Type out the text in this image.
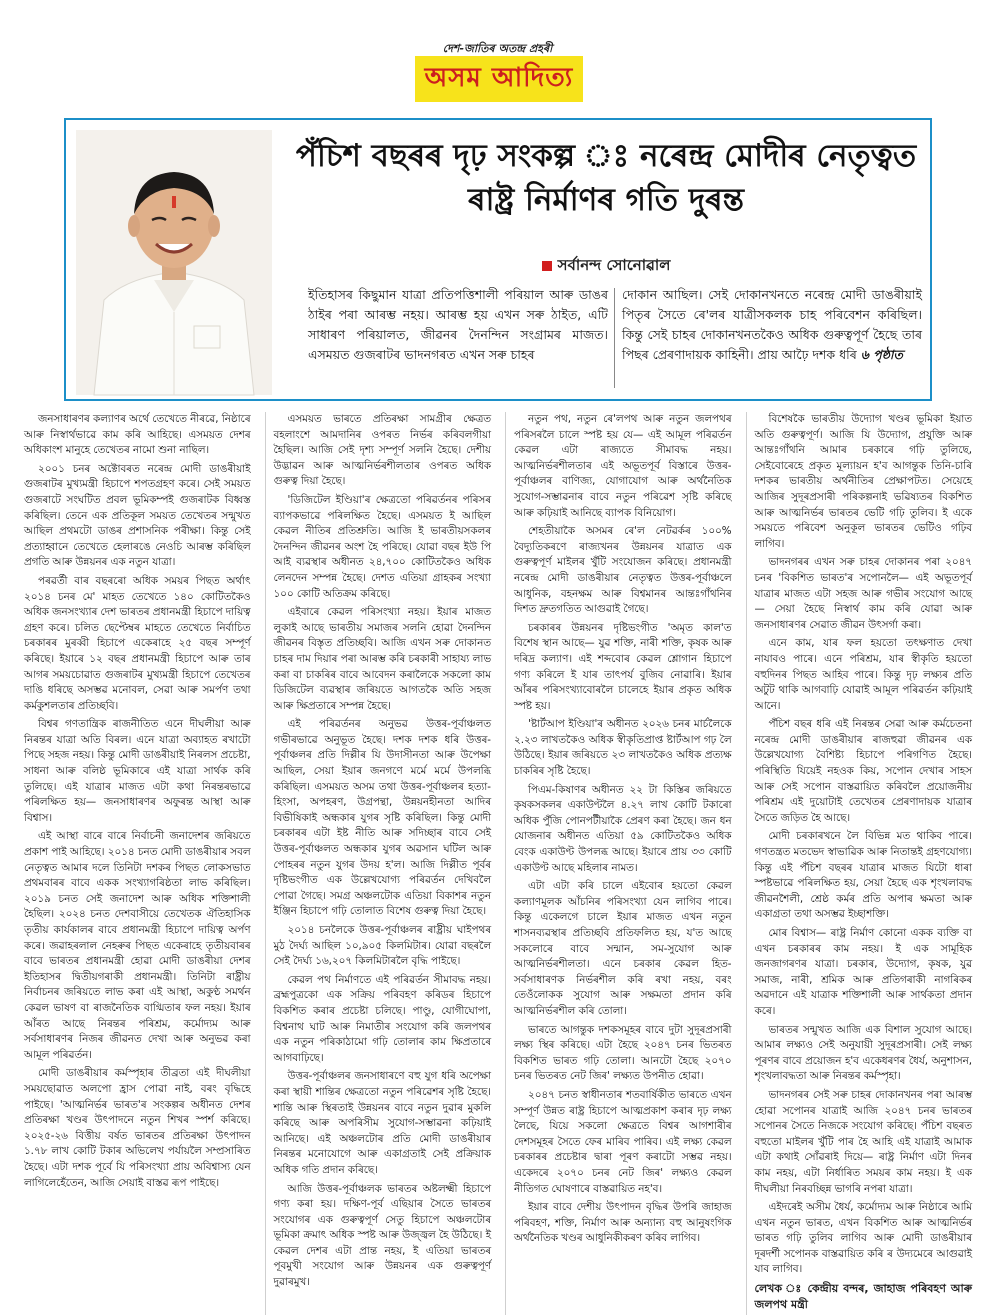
দেশ-জাতিৰ অতন্দ্ৰ প্ৰহৰী
অসম আদিত্য
পঁচিশ বছৰৰ দৃঢ় সংকল্প ঃ নৰেন্দ্ৰ মোদীৰ নেতৃত্বত ৰাষ্ট্ৰ নিৰ্মাণৰ গতি দুৰন্ত
সৰ্বানন্দ সোনোৱাল
ইতিহাসৰ কিছুমান যাত্ৰা প্ৰতিপত্তিশালী পৰিয়াল আৰু ডাঙৰ ঠাইৰ পৰা আৰম্ভ নহয়। আৰম্ভ হয় এখন সৰু ঠাইত, এটি সাধাৰণ পৰিয়ালত, জীৱনৰ দৈনন্দিন সংগ্ৰামৰ মাজত। এসময়ত গুজৰাটৰ ভাদনগৰত এখন সৰু চাহৰ
দোকান আছিল। সেই দোকানখনতে নৰেন্দ্ৰ মোদী ডাঙৰীয়াই পিতৃৰ সৈতে ৰে'লৰ যাত্ৰীসকলক চাহ পৰিবেশন কৰিছিল। কিন্তু সেই চাহৰ দোকানখনতকৈও অধিক গুৰুত্বপূৰ্ণ হৈছে তাৰ পিছৰ প্ৰেৰণাদায়ক কাহিনী। প্ৰায় আঢ়ৈ দশক ধৰি ৬ পৃষ্ঠাত

জনসাধাৰণৰ কল্যাণৰ অৰ্থে তেখেতে নীৰৱে, নিষ্ঠাৰে আৰু নিস্বাৰ্থভাৱে কাম কৰি আহিছে। এসময়ত দেশৰ অধিকাংশ মানুহে তেখেতৰ নামো শুনা নাছিল।

২০০১ চনৰ অক্টোবৰত নৰেন্দ্ৰ মোদী ডাঙৰীয়াই গুজৰাটৰ মুখ্যমন্ত্ৰী হিচাপে শপতগ্ৰহণ কৰে। সেই সময়ত গুজৰাটে সংঘটিত প্ৰবল ভূমিকম্পই গুজৰাটক বিধ্বস্ত কৰিছিল। তেনে এক প্ৰতিকূল সময়ত তেখেতৰ সন্মুখত আছিল প্ৰথমটো ডাঙৰ প্ৰশাসনিক পৰীক্ষা। কিন্তু সেই প্ৰত্যাহ্বানে তেখেতে হেলাৰঙে নেওচি আৰম্ভ কৰিছিল প্ৰগতি আৰু উন্নয়নৰ এক নতুন যাত্ৰা।

পৰৱৰ্তী বাৰ বছৰৰো অধিক সময়ৰ পিছত অৰ্থাৎ ২০১৪ চনৰ মে' মাহত তেখেতে ১৪০ কোটিতকৈও অধিক জনসংখ্যাৰ দেশ ভাৰতৰ প্ৰধানমন্ত্ৰী হিচাপে দায়িত্ব গ্ৰহণ কৰে। চলিত ছেপ্টেম্বৰ মাহতে তেখেতে নিৰ্বাচিত চৰকাৰৰ মুৰব্বী হিচাপে একেৰাহে ২৫ বছৰ সম্পূৰ্ণ কৰিছে। ইয়াৰে ১২ বছৰ প্ৰধানমন্ত্ৰী হিচাপে আৰু তাৰ আগৰ সময়চোৱাত গুজৰাটৰ মুখ্যমন্ত্ৰী হিচাপে তেখেতৰ দাঙি ধৰিছে অসম্ভৱ মনোবল, সেৱা আৰু সমৰ্পণ তথা কৰ্মকুশলতাৰ প্ৰতিচ্ছবি।

বিশ্বৰ গণতান্ত্ৰিক ৰাজনীতিত এনে দীঘলীয়া আৰু নিৰন্তৰ যাত্ৰা অতি বিৰল। এনে যাত্ৰা অব্যাহত ৰখাটো পিছে সহজ নহয়। কিন্তু মোদী ডাঙৰীয়াই নিৰলস প্ৰচেষ্টা, সাধনা আৰু বলিষ্ঠ ভূমিকাৰে এই যাত্ৰা সাৰ্থক কৰি তুলিছে। এই যাত্ৰাৰ মাজত এটা কথা নিৰন্তৰভাৱে পৰিলক্ষিত হয়— জনসাধাৰণৰ অফুৰন্ত আস্থা আৰু বিশ্বাস।

এই আস্থা বাৰে বাৰে নিৰ্বাচনী জনাদেশৰ জৰিয়তে প্ৰকাশ পাই আহিছে। ২০১৪ চনত মোদী ডাঙৰীয়াৰ সবল নেতৃত্বত আমাৰ দলে তিনিটা দশকৰ পিছত লোকসভাত প্ৰথমবাৰৰ বাবে একক সংখ্যাগৰিষ্ঠতা লাভ কৰিছিল। ২০১৯ চনত সেই জনাদেশ আৰু অধিক শক্তিশালী হৈছিল। ২০২৪ চনত দেশবাসীয়ে তেখেতক ঐতিহাসিক তৃতীয় কাৰ্যকালৰ বাবে প্ৰধানমন্ত্ৰী হিচাপে দায়িত্ব অৰ্পণ কৰে। জৱাহৰলাল নেহৰুৰ পিছত একেৰাহে তৃতীয়বাৰৰ বাবে ভাৰতৰ প্ৰধানমন্ত্ৰী হোৱা মোদী ডাঙৰীয়া দেশৰ ইতিহাসৰ দ্বিতীয়গৰাকী প্ৰধানমন্ত্ৰী। তিনিটা ৰাষ্ট্ৰীয় নিৰ্বাচনৰ জৰিয়তে লাভ কৰা এই আস্থা, অকুণ্ঠ সমৰ্থন কেৱল ভাষণ বা ৰাজনৈতিক বাগ্মিতাৰ ফল নহয়। ইয়াৰ আঁৰত আছে নিৰন্তৰ পৰিশ্ৰম, কৰ্মোদ্যম আৰু সৰ্বসাধাৰণৰ নিজৰ জীৱনত দেখা আৰু অনুভৱ কৰা আমূল পৰিৱৰ্তন।

মোদী ডাঙৰীয়াৰ কৰ্মস্পৃহাৰ তীব্ৰতা এই দীঘলীয়া সময়ছোৱাত অলপো হ্ৰাস পোৱা নাই, বৰং বৃদ্ধিহে পাইছে। 'আত্মনিৰ্ভৰ ভাৰত'ৰ সংকল্পৰ অধীনত দেশৰ প্ৰতিৰক্ষা খণ্ডৰ উৎপাদনে নতুন শিখৰ স্পৰ্শ কৰিছে। ২০২৫-২৬ বিত্তীয় বৰ্ষত ভাৰতৰ প্ৰতিৰক্ষা উৎপাদন ১.৭৮ লাখ কোটি টকাৰ অভিলেখ পৰ্যায়লৈ সম্প্ৰসাৰিত হৈছে। এটা দশক পূৰ্বে যি পৰিসংখ্যা প্ৰায় অবিশ্বাস্য যেন লাগিলেহেঁতেন, আজি সেয়াই বাস্তৱ ৰূপ পাইছে।

এসময়ত ভাৰতে প্ৰতিৰক্ষা সামগ্ৰীৰ ক্ষেত্ৰত বহলাংশে আমদানিৰ ওপৰত নিৰ্ভৰ কৰিবলগীয়া হৈছিল। আজি সেই দৃশ্য সম্পূৰ্ণ সলনি হৈছে। দেশীয় উদ্ভাৱন আৰু আত্মনিৰ্ভৰশীলতাৰ ওপৰত অধিক গুৰুত্ব দিয়া হৈছে।

'ডিজিটেল ইণ্ডিয়া'ৰ ক্ষেত্ৰতো পৰিৱৰ্তনৰ পৰিসৰ ব্যাপকভাৱে পৰিলক্ষিত হৈছে। এসময়ত ই আছিল কেৱল নীতিৰ প্ৰতিশ্ৰুতি। আজি ই ভাৰতীয়সকলৰ দৈনন্দিন জীৱনৰ অংশ হৈ পৰিছে। যোৱা বছৰ ইউ পি আই ব্যৱস্থাৰ অধীনত ২৪,৭০০ কোটিতকৈও অধিক লেনদেন সম্পন্ন হৈছে। দেশত এতিয়া গ্ৰাহকৰ সংখ্যা ১০০ কোটি অতিক্ৰম কৰিছে।

এইবাৰে কেৱল পৰিসংখ্যা নহয়। ইয়াৰ মাজত লুকাই আছে ভাৰতীয় সমাজৰ সলনি হোৱা দৈনন্দিন জীৱনৰ বিস্তৃত প্ৰতিচ্ছবি। আজি এখন সৰু দোকানত চাহৰ দাম দিয়াৰ পৰা আৰম্ভ কৰি চৰকাৰী সাহায্য লাভ কৰা বা চাকৰিৰ বাবে আবেদন কৰালৈকে সকলো কাম ডিজিটেল ব্যৱস্থাৰ জৰিয়তে আগতকৈ অতি সহজ আৰু ক্ষিপ্ৰতাৰে সম্পন্ন হৈছে।

এই পৰিৱৰ্তনৰ অনুভৱ উত্তৰ-পূৰ্বাঞ্চলত গভীৰভাৱে অনুভূত হৈছে। দশক দশক ধৰি উত্তৰ-পূৰ্বাঞ্চলৰ প্ৰতি দিল্লীৰ যি উদাসীনতা আৰু উপেক্ষা আছিল, সেয়া ইয়াৰ জনগণে মৰ্মে মৰ্মে উপলব্ধি কৰিছিল। এসময়ত অসম তথা উত্তৰ-পূৰ্বাঞ্চলৰ হত্যা-হিংসা, অপহৰণ, উগ্ৰপন্থা, উন্নয়নহীনতা আদিৰ বিভীষিকাই অন্ধকাৰ যুগৰ সৃষ্টি কৰিছিল। কিন্তু মোদী চৰকাৰৰ এটা ইষ্ট নীতি আৰু সদিচ্ছাৰ বাবে সেই উত্তৰ-পূৰ্বাঞ্চলত অন্ধকাৰ যুগৰ অৱসান ঘটিল আৰু পোহৰৰ নতুন যুগৰ উদয় হ'ল। আজি দিল্লীত পূৰ্বৰ দৃষ্টিভংগীত এক উল্লেখযোগ্য পৰিৱৰ্তন দেখিবলৈ পোৱা গৈছে। সমগ্ৰ অঞ্চলটোক এতিয়া বিকাশৰ নতুন ইঞ্জিন হিচাপে গঢ়ি তোলাত বিশেষ গুৰুত্ব দিয়া হৈছে।

২০১৪ চনলৈকে উত্তৰ-পূৰ্বাঞ্চলৰ ৰাষ্ট্ৰীয় ঘাইপথৰ মুঠ দৈৰ্ঘ্য আছিল ১০,৯০৫ কিলমিটাৰ। যোৱা বছৰলৈ সেই দৈৰ্ঘ্য ১৬,২০৭ কিলমিটাৰলৈ বৃদ্ধি পাইছে।

কেৱল পথ নিৰ্মাণতে এই পৰিৱৰ্তন সীমাবদ্ধ নহয়। ব্ৰহ্মপুত্ৰকো এক সক্ৰিয় পৰিবহণ কৰিডৰ হিচাপে বিকশিত কৰাৰ প্ৰচেষ্টা চলিছে। পাণ্ডু, যোগীঘোপা, বিশ্বনাথ ঘাট আৰু নিমাতীৰ সংযোগ কৰি জলপথৰ এক নতুন পৰিকাঠামো গঢ়ি তোলাৰ কাম ক্ষিপ্ৰতাৰে আগবাঢ়িছে।

উত্তৰ-পূৰ্বাঞ্চলৰ জনসাধাৰণে বহু যুগ ধৰি অপেক্ষা কৰা স্থায়ী শান্তিৰ ক্ষেত্ৰতো নতুন পৰিৱেশৰ সৃষ্টি হৈছে। শান্তি আৰু স্থিৰতাই উন্নয়নৰ বাবে নতুন দুৱাৰ মুকলি কৰিছে আৰু অপৰিসীম সুযোগ-সম্ভাৱনা কঢ়িয়াই আনিছে। এই অঞ্চলটোৰ প্ৰতি মোদী ডাঙৰীয়াৰ নিৰন্তৰ মনোযোগে আৰু একাগ্ৰতাই সেই প্ৰক্ৰিয়াক অধিক গতি প্ৰদান কৰিছে।

আজি উত্তৰ-পূৰ্বাঞ্চলক ভাৰতৰ অষ্টলক্ষ্মী হিচাপে গণ্য কৰা হয়। দক্ষিণ-পূৰ্ব এছিয়াৰ সৈতে ভাৰতৰ সংযোগৰ এক গুৰুত্বপূৰ্ণ সেতু হিচাপে অঞ্চলটোৰ ভূমিকা ক্ৰমাৎ অধিক স্পষ্ট আৰু উজ্জ্বল হৈ উঠিছে। ই কেৱল দেশৰ এটা প্ৰান্ত নহয়, ই এতিয়া ভাৰতৰ পূবমুখী সংযোগ আৰু উন্নয়নৰ এক গুৰুত্বপূৰ্ণ দুৱাৰমুখ।

নতুন পথ, নতুন ৰে'লপথ আৰু নতুন জলপথৰ পৰিসৰলৈ চালে স্পষ্ট হয় যে— এই আমূল পৰিৱৰ্তন কেৱল এটা ৰাজ্যতে সীমাবদ্ধ নহয়। আত্মনিৰ্ভৰশীলতাৰ এই অভূতপূৰ্ব বিস্তাৰে উত্তৰ-পূৰ্বাঞ্চলৰ বাণিজ্য, যোগাযোগ আৰু অৰ্থনৈতিক সুযোগ-সম্ভাৱনাৰ বাবে নতুন পৰিৱেশ সৃষ্টি কৰিছে আৰু কঢ়িয়াই আনিছে ব্যাপক বিনিয়োগ।

শেহতীয়াকৈ অসমৰ ৰে'ল নেটৱৰ্কৰ ১০০% বৈদ্যুতিকৰণে ৰাজ্যখনৰ উন্নয়নৰ যাত্ৰাত এক গুৰুত্বপূৰ্ণ মাইলৰ খুঁটি সংযোজন কৰিছে। প্ৰধানমন্ত্ৰী নৰেন্দ্ৰ মোদী ডাঙৰীয়াৰ নেতৃত্বত উত্তৰ-পূৰ্বাঞ্চলে আধুনিক, বহনক্ষম আৰু বিশ্বমানৰ আন্তঃগাঁথনিৰ দিশত দ্ৰুতগতিত আগুৱাই গৈছে।

চৰকাৰৰ উন্নয়নৰ দৃষ্টিভংগীত 'অমৃত কাল'ত বিশেষ স্থান আছে— যুৱ শক্তি, নাৰী শক্তি, কৃষক আৰু দৰিদ্ৰ কল্যাণ। এই শব্দবোৰ কেৱল শ্লোগান হিচাপে গণ্য কৰিলে ই যাৰ তাৎপৰ্য বুজিব নোৱাৰি। ইয়াৰ আঁৰৰ পৰিসংখ্যাবোৰলৈ চালেহে ইয়াৰ প্ৰকৃত অধিক স্পষ্ট হয়।

'ষ্টাৰ্টআপ ইণ্ডিয়া'ৰ অধীনত ২০২৬ চনৰ মাৰ্চলৈকে ২.২৩ লাখতকৈও অধিক স্বীকৃতিপ্ৰাপ্ত ষ্টাৰ্টআপ গঢ় লৈ উঠিছে। ইয়াৰ জৰিয়তে ২৩ লাখতকৈও অধিক প্ৰত্যক্ষ চাকৰিৰ সৃষ্টি হৈছে।

পিএম-কিষাণৰ অধীনত ২২ টা কিস্তিৰ জৰিয়তে কৃষকসকলৰ একাউণ্টলৈ ৪.২৭ লাখ কোটি টকাৰো অধিক পুঁজি পোনপটীয়াকৈ প্ৰেৰণ কৰা হৈছে। জন ধন যোজনাৰ অধীনত এতিয়া ৫৯ কোটিতকৈও অধিক বেংক একাউণ্ট উপলব্ধ আছে। ইয়াৰে প্ৰায় ৩৩ কোটি একাউণ্ট আছে মহিলাৰ নামত।

এটা এটা কৰি চালে এইবোৰ হয়তো কেৱল কল্যাণমূলক আঁচনিৰ পৰিসংখ্যা যেন লাগিব পাৰে। কিন্তু একেলগে চালে ইয়াৰ মাজত এখন নতুন শাসনব্যৱস্থাৰ প্ৰতিচ্ছবি প্ৰতিফলিত হয়, য'ত আছে সকলোৰে বাবে সন্মান, সম-সুযোগ আৰু আত্মনিৰ্ভৰশীলতা। এনে চৰকাৰ কেৱল হিত-সৰ্বসাধাৰণক নিৰ্ভৰশীল কৰি ৰখা নহয়, বৰং তেওঁলোকক সুযোগ আৰু সক্ষমতা প্ৰদান কৰি আত্মনিৰ্ভৰশীল কৰি তোলা।

ভাৰতে আগন্তুক দশকসমূহৰ বাবে দুটা সুদূৰপ্ৰসাৰী লক্ষ্য স্থিৰ কৰিছে। এটা হৈছে ২০৪৭ চনৰ ভিতৰত বিকশিত ভাৰত গঢ়ি তোলা। আনটো হৈছে ২০৭০ চনৰ ভিতৰত নেট জিৰ' লক্ষ্যত উপনীত হোৱা।

২০৪৭ চনত স্বাধীনতাৰ শতবাৰ্ষিকীত ভাৰতে এখন সম্পূৰ্ণ উন্নত ৰাষ্ট্ৰ হিচাপে আত্মপ্ৰকাশ কৰাৰ দৃঢ় লক্ষ্য লৈছে, যিয়ে সকলো ক্ষেত্ৰতে বিশ্বৰ আগশাৰীৰ দেশসমূহৰ সৈতে ফেৰ মাৰিব পাৰিব। এই লক্ষ্য কেৱল চৰকাৰৰ প্ৰচেষ্টাৰ দ্বাৰা পূৰণ কৰাটো সম্ভৱ নহয়। একেদৰে ২০৭০ চনৰ নেট জিৰ' লক্ষ্যও কেৱল নীতিগত ঘোষণাৰে বাস্তৱায়িত নহ'ব।

ইয়াৰ বাবে দেশীয় উৎপাদন বৃদ্ধিৰ উপৰি জাহাজ পৰিবহণ, শক্তি, নিৰ্মাণ আৰু অন্যান্য বহু আনুষংগিক অৰ্থনৈতিক খণ্ডৰ আধুনিকীকৰণ কৰিব লাগিব।

বিশেষকৈ ভাৰতীয় উদ্যোগ খণ্ডৰ ভূমিকা ইয়াত অতি গুৰুত্বপূৰ্ণ। আজি যি উদ্যোগ, প্ৰযুক্তি আৰু আন্তঃগাঁথনি আমাৰ চৰকাৰে গঢ়ি তুলিছে, সেইবোৰেহে প্ৰকৃত মূল্যায়ন হ'ব আগন্তুক তিনি-চাৰি দশকৰ ভাৰতীয় অৰ্থনীতিৰ প্ৰেক্ষাপটত। সেয়েহে আজিৰ সুদূৰপ্ৰসাৰী পৰিকল্পনাই ভৱিষ্যতৰ বিকশিত আৰু আত্মনিৰ্ভৰ ভাৰতৰ ভেটি গঢ়ি তুলিব। ই একে সময়তে পৰিবেশ অনুকূল ভাৰতৰ ভেটিও গঢ়িব লাগিব।

ভাদনগৰৰ এখন সৰু চাহৰ দোকানৰ পৰা ২০৪৭ চনৰ 'বিকশিত ভাৰত'ৰ সপোনলৈ— এই অভূতপূৰ্ব যাত্ৰাৰ মাজত এটা সহজ আৰু গভীৰ সংযোগ আছে— সেয়া হৈছে নিস্বাৰ্থ কাম কৰি যোৱা আৰু জনসাধাৰণৰ সেৱাত জীৱন উৎসৰ্গা কৰা।

এনে কাম, যাৰ ফল হয়তো তৎক্ষণাত দেখা নাযাবও পাৰে। এনে পৰিশ্ৰম, যাৰ স্বীকৃতি হয়তো বহুদিনৰ পিছত আহিব পাৰে। কিন্তু দৃঢ় লক্ষ্যৰ প্ৰতি অটুট থাকি আগবাঢ়ি যোৱাই আমূল পৰিৱৰ্তন কঢ়িয়াই আনে।

পঁচিশ বছৰ ধৰি এই নিৰন্তৰ সেৱা আৰু কৰ্মচেতনা নৰেন্দ্ৰ মোদী ডাঙৰীয়াৰ ৰাজহুৱা জীৱনৰ এক উল্লেখযোগ্য বৈশিষ্ট্য হিচাপে পৰিগণিত হৈছে। পৰিস্থিতি যিয়েই নহওক কিয়, সপোন দেখাৰ সাহস আৰু সেই সপোন বাস্তৱায়িত কৰিবলৈ প্ৰয়োজনীয় পৰিশ্ৰম এই দুয়োটাই তেখেতৰ প্ৰেৰণাদায়ক যাত্ৰাৰ সৈতে জড়িত হৈ আছে।

মোদী চৰকাৰখনে লৈ বিভিন্ন মত থাকিব পাৰে। গণতন্ত্ৰত মতভেদ স্বাভাৱিক আৰু নিতান্তই গ্ৰহণযোগ্য। কিন্তু এই পঁচিশ বছৰৰ যাত্ৰাৰ মাজত যিটো ধাৰা স্পষ্টভাৱে পৰিলক্ষিত হয়, সেয়া হৈছে এক শৃংখলাবদ্ধ জীৱনশৈলী, শ্ৰেষ্ঠ কৰ্মৰ প্ৰতি অপাৰ ক্ষমতা আৰু একাগ্ৰতা তথা অসম্ভৱ ইচ্ছাশক্তি।

মোৰ বিশ্বাস— ৰাষ্ট্ৰ নিৰ্মাণ কোনো একক ব্যক্তি বা এখন চৰকাৰৰ কাম নহয়। ই এক সামূহিক জনজাগৰণৰ যাত্ৰা। চৰকাৰ, উদ্যোগ, কৃষক, যুৱ সমাজ, নাৰী, শ্ৰমিক আৰু প্ৰতিগৰাকী নাগৰিকৰ অৱদানে এই যাত্ৰাক শক্তিশালী আৰু সাৰ্থকতা প্ৰদান কৰে।

ভাৰতৰ সন্মুখত আজি এক বিশাল সুযোগ আছে। আমাৰ লক্ষ্যও সেই অনুযায়ী সুদূৰপ্ৰসাৰী। সেই লক্ষ্য পূৰণৰ বাবে প্ৰয়োজন হ'ব একেধৰণৰ ধৈৰ্য, অনুশাসন, শৃংখলাবদ্ধতা আৰু নিৰন্তৰ কৰ্মস্পৃহা।

ভাদনগৰৰ সেই সৰু চাহৰ দোকানখনৰ পৰা আৰম্ভ হোৱা সপোনৰ যাত্ৰাই আজি ২০৪৭ চনৰ ভাৰতৰ সপোনৰ সৈতে নিজকে সংযোগ কৰিছে। পঁচিশ বছৰত বহুতো মাইলৰ খুঁটি পাৰ হৈ আহি এই যাত্ৰাই আমাক এটা কথাই সোঁৱৰাই দিয়ে— ৰাষ্ট্ৰ নিৰ্মাণ এটা দিনৰ কাম নহয়, এটা নিৰ্ধাৰিত সময়ৰ কাম নহয়। ই এক দীঘলীয়া নিৰবচ্ছিন্ন ভাগৰি নপৰা যাত্ৰা।

এইদৰেই অসীম ধৈৰ্য, কৰ্মোদ্যম আৰু নিষ্ঠাৰে আমি এখন নতুন ভাৰত, এখন বিকশিত আৰু আত্মনিৰ্ভৰ ভাৰত গঢ়ি তুলিব লাগিব আৰু মোদী ডাঙৰীয়াৰ দূৰদৰ্শী সপোনক বাস্তৱায়িত কৰি ৰ উদ্যমেৰে আগুৱাই যাব লাগিব।

লেখক ঃ কেন্দ্ৰীয় বন্দৰ, জাহাজ পৰিবহণ আৰু জলপথ মন্ত্ৰী
